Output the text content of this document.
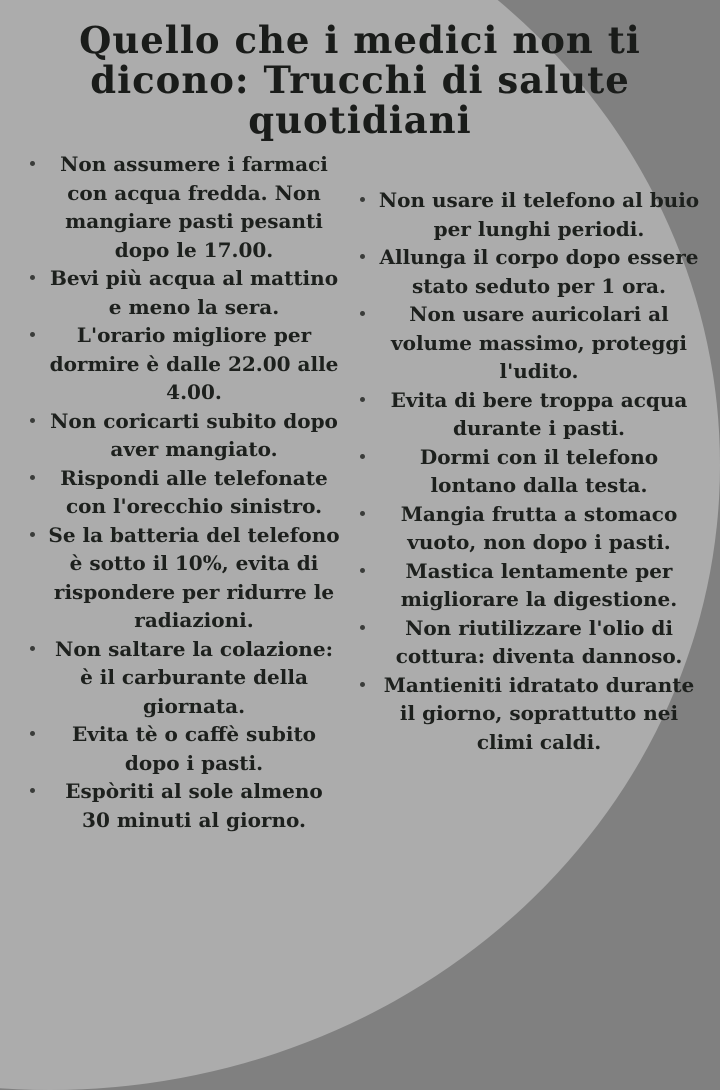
Quello che i medici non ti dicono: Trucchi di salute quotidiani
Non assumere i farmaci con acqua fredda. Non mangiare pasti pesanti dopo le 17.00.
Bevi più acqua al mattino e meno la sera.
L'orario migliore per dormire è dalle 22.00 alle 4.00.
Non coricarti subito dopo aver mangiato.
Rispondi alle telefonate con l'orecchio sinistro.
Se la batteria del telefono è sotto il 10%, evita di rispondere per ridurre le radiazioni.
Non saltare la colazione: è il carburante della giornata.
Evita tè o caffè subito dopo i pasti.
Espòriti al sole almeno 30 minuti al giorno.
Non usare il telefono al buio per lunghi periodi.
Allunga il corpo dopo essere stato seduto per 1 ora.
Non usare auricolari al volume massimo, proteggi l'udito.
Evita di bere troppa acqua durante i pasti.
Dormi con il telefono lontano dalla testa.
Mangia frutta a stomaco vuoto, non dopo i pasti.
Mastica lentamente per migliorare la digestione.
Non riutilizzare l'olio di cottura: diventa dannoso.
Mantieniti idratato durante il giorno, soprattutto nei climi caldi.
